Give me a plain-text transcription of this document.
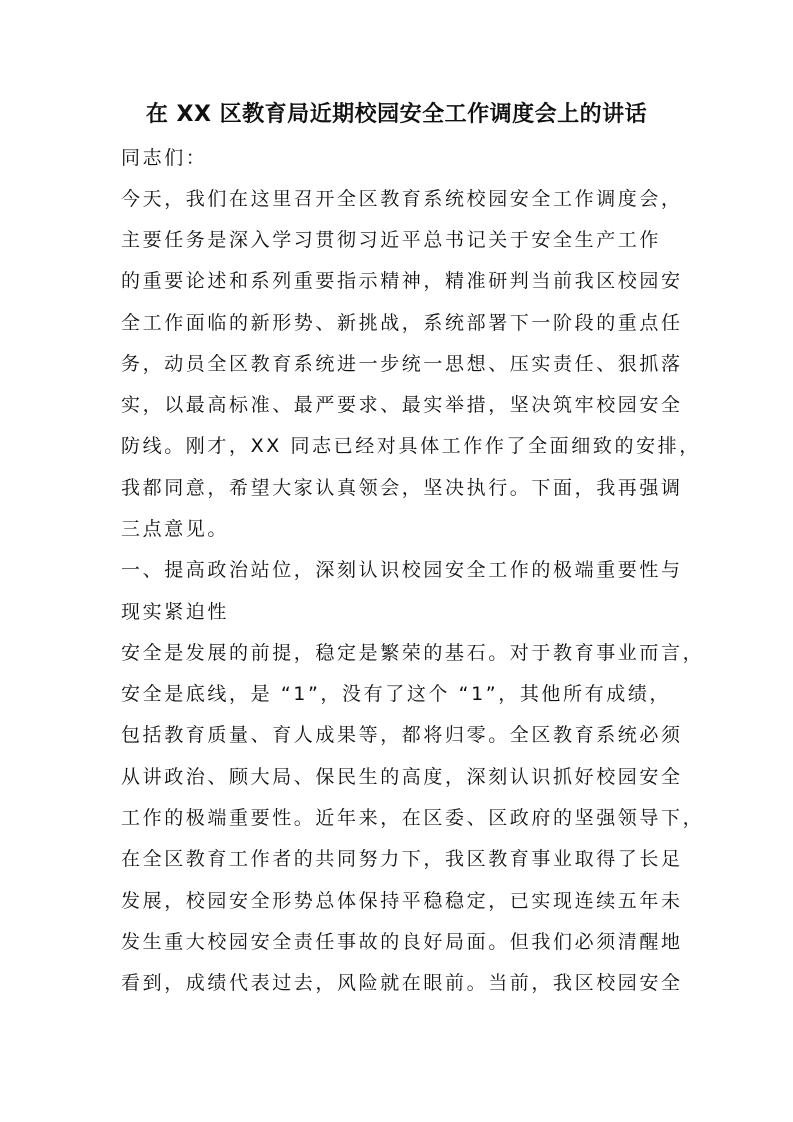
在 XX 区教育局近期校园安全工作调度会上的讲话
同志们：
今天，我们在这里召开全区教育系统校园安全工作调度会，
主要任务是深入学习贯彻习近平总书记关于安全生产工作
的重要论述和系列重要指示精神，精准研判当前我区校园安
全工作面临的新形势、新挑战，系统部署下一阶段的重点任
务，动员全区教育系统进一步统一思想、压实责任、狠抓落
实，以最高标准、最严要求、最实举措，坚决筑牢校园安全
防线。刚才，XX 同志已经对具体工作作了全面细致的安排，
我都同意，希望大家认真领会，坚决执行。下面，我再强调
三点意见。
一、提高政治站位，深刻认识校园安全工作的极端重要性与
现实紧迫性
安全是发展的前提，稳定是繁荣的基石。对于教育事业而言，
安全是底线，是 “1”，没有了这个 “1”，其他所有成绩，
包括教育质量、育人成果等，都将归零。全区教育系统必须
从讲政治、顾大局、保民生的高度，深刻认识抓好校园安全
工作的极端重要性。近年来，在区委、区政府的坚强领导下，
在全区教育工作者的共同努力下，我区教育事业取得了长足
发展，校园安全形势总体保持平稳稳定，已实现连续五年未
发生重大校园安全责任事故的良好局面。但我们必须清醒地
看到，成绩代表过去，风险就在眼前。当前，我区校园安全
